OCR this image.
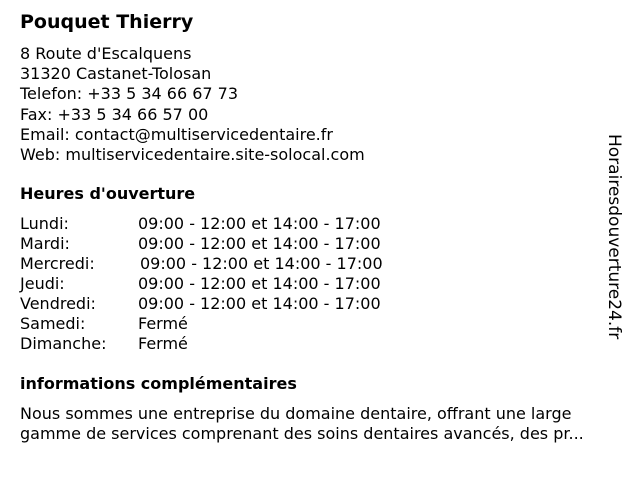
Pouquet Thierry
8 Route d'Escalquens
31320 Castanet-Tolosan
Telefon: +33 5 34 66 67 73
Fax: +33 5 34 66 57 00
Email: contact@multiservicedentaire.fr
Web: multiservicedentaire.site-solocal.com
Heures d'ouverture
Lundi:	09:00 - 12:00 et 14:00 - 17:00
Mardi:	09:00 - 12:00 et 14:00 - 17:00
Mercredi:	09:00 - 12:00 et 14:00 - 17:00
Jeudi:	09:00 - 12:00 et 14:00 - 17:00
Vendredi:	09:00 - 12:00 et 14:00 - 17:00
Samedi:	Fermé
Dimanche:	Fermé
informations complémentaires
Nous sommes une entreprise du domaine dentaire, offrant une large
gamme de services comprenant des soins dentaires avancés, des pr...
Horairesdouverture24.fr
